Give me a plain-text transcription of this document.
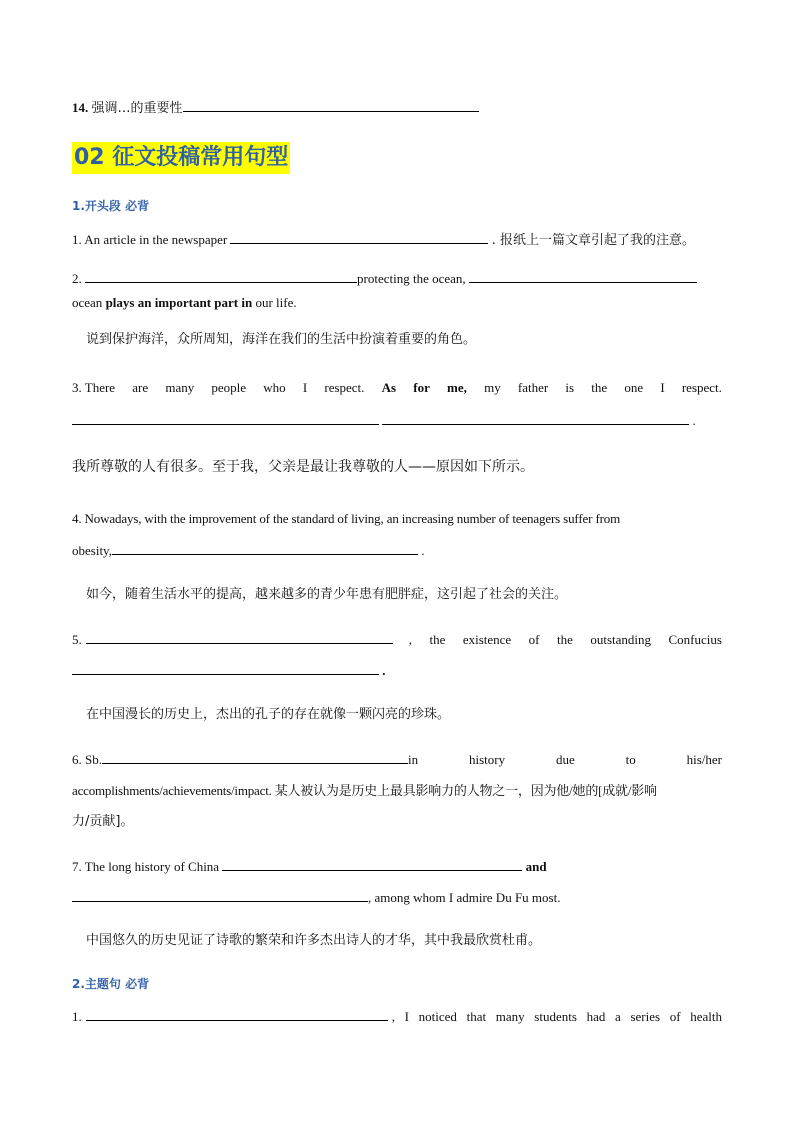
14. 强调…的重要性
02 征文投稿常用句型
1.开头段 必背
1. An article in the newspaper	. 报纸上一篇文章引起了我的注意。
2.	protecting the ocean,
ocean plays an important part in our life.
说到保护海洋，众所周知，海洋在我们的生活中扮演着重要的角色。
3. There are many people who I respect. As for me, my father is the one I respect.
.
我所尊敬的人有很多。至于我，父亲是最让我尊敬的人——原因如下所示。
4. Nowadays, with the improvement of the standard of living, an increasing number of teenagers suffer from
obesity,	.
如今，随着生活水平的提高，越来越多的青少年患有肥胖症，这引起了社会的关注。
5.	, the existence of the outstanding Confucius
.
在中国漫长的历史上，杰出的孔子的存在就像一颗闪亮的珍珠。
6. Sb.	in	history	due	to	his/her
accomplishments/achievements/impact. 某人被认为是历史上最具影响力的人物之一，因为他/她的[成就/影响
力/贡献]。
7. The long history of China	and
, among whom I admire Du Fu most.
中国悠久的历史见证了诗歌的繁荣和许多杰出诗人的才华，其中我最欣赏杜甫。
2.主题句 必背
1.	, I noticed that many students had a series of health
